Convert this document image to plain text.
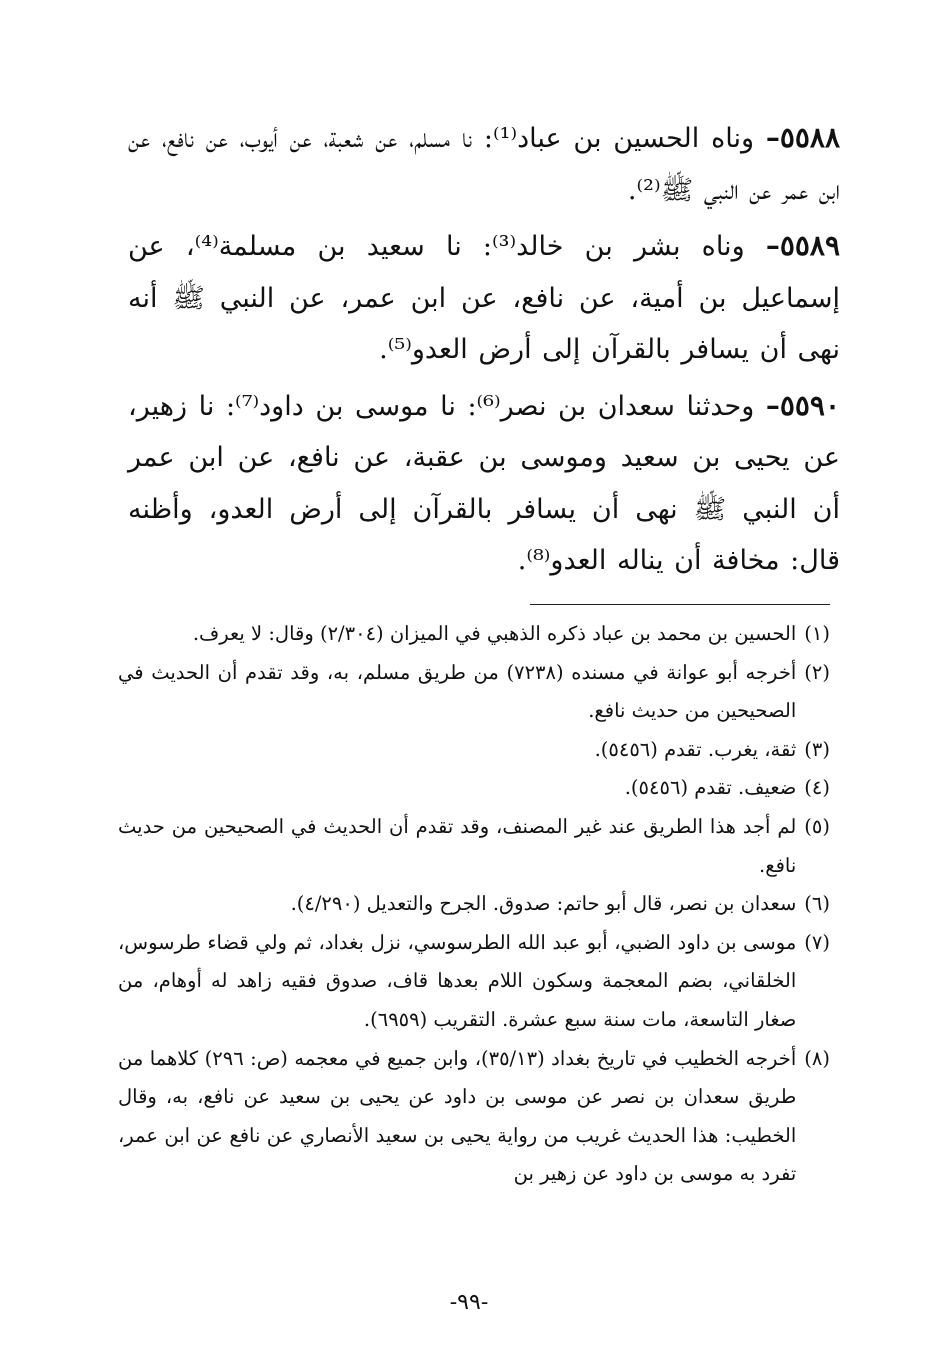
٥٥٨٨– وناه الحسين بن عباد⁽¹⁾: نا مسلم، عن شعبة، عن أيوب، عن نافع، عن ابن عمر عن النبي ﷺ⁽²⁾.

٥٥٨٩– وناه بشر بن خالد⁽³⁾: نا سعيد بن مسلمة⁽⁴⁾، عن إسماعيل بن أمية، عن نافع، عن ابن عمر، عن النبي ﷺ أنه نهى أن يسافر بالقرآن إلى أرض العدو⁽⁵⁾.

٥٥٩٠– وحدثنا سعدان بن نصر⁽⁶⁾: نا موسى بن داود⁽⁷⁾: نا زهير، عن يحيى بن سعيد وموسى بن عقبة، عن نافع، عن ابن عمر أن النبي ﷺ نهى أن يسافر بالقرآن إلى أرض العدو، وأظنه قال: مخافة أن يناله العدو⁽⁸⁾.

(١)
الحسين بن محمد بن عباد ذكره الذهبي في الميزان (٢/٣٠٤) وقال: لا يعرف.
(٢)
أخرجه أبو عوانة في مسنده (٧٢٣٨) من طريق مسلم، به، وقد تقدم أن الحديث في الصحيحين من حديث نافع.
(٣)
ثقة، يغرب. تقدم (٥٤٥٦).
(٤)
ضعيف. تقدم (٥٤٥٦).
(٥)
لم أجد هذا الطريق عند غير المصنف، وقد تقدم أن الحديث في الصحيحين من حديث نافع.
(٦)
سعدان بن نصر، قال أبو حاتم: صدوق. الجرح والتعديل (٤/٢٩٠).
(٧)
موسى بن داود الضبي، أبو عبد الله الطرسوسي، نزل بغداد، ثم ولي قضاء طرسوس، الخلقاني، بضم المعجمة وسكون اللام بعدها قاف، صدوق فقيه زاهد له أوهام، من صغار التاسعة، مات سنة سبع عشرة. التقريب (٦٩٥٩).
(٨)
أخرجه الخطيب في تاريخ بغداد (٣٥/١٣)، وابن جميع في معجمه (ص: ٢٩٦) كلاهما من طريق سعدان بن نصر عن موسى بن داود عن يحيى بن سعيد عن نافع، به، وقال الخطيب: هذا الحديث غريب من رواية يحيى بن سعيد الأنصاري عن نافع عن ابن عمر، تفرد به موسى بن داود عن زهير بن
-٩٩-
